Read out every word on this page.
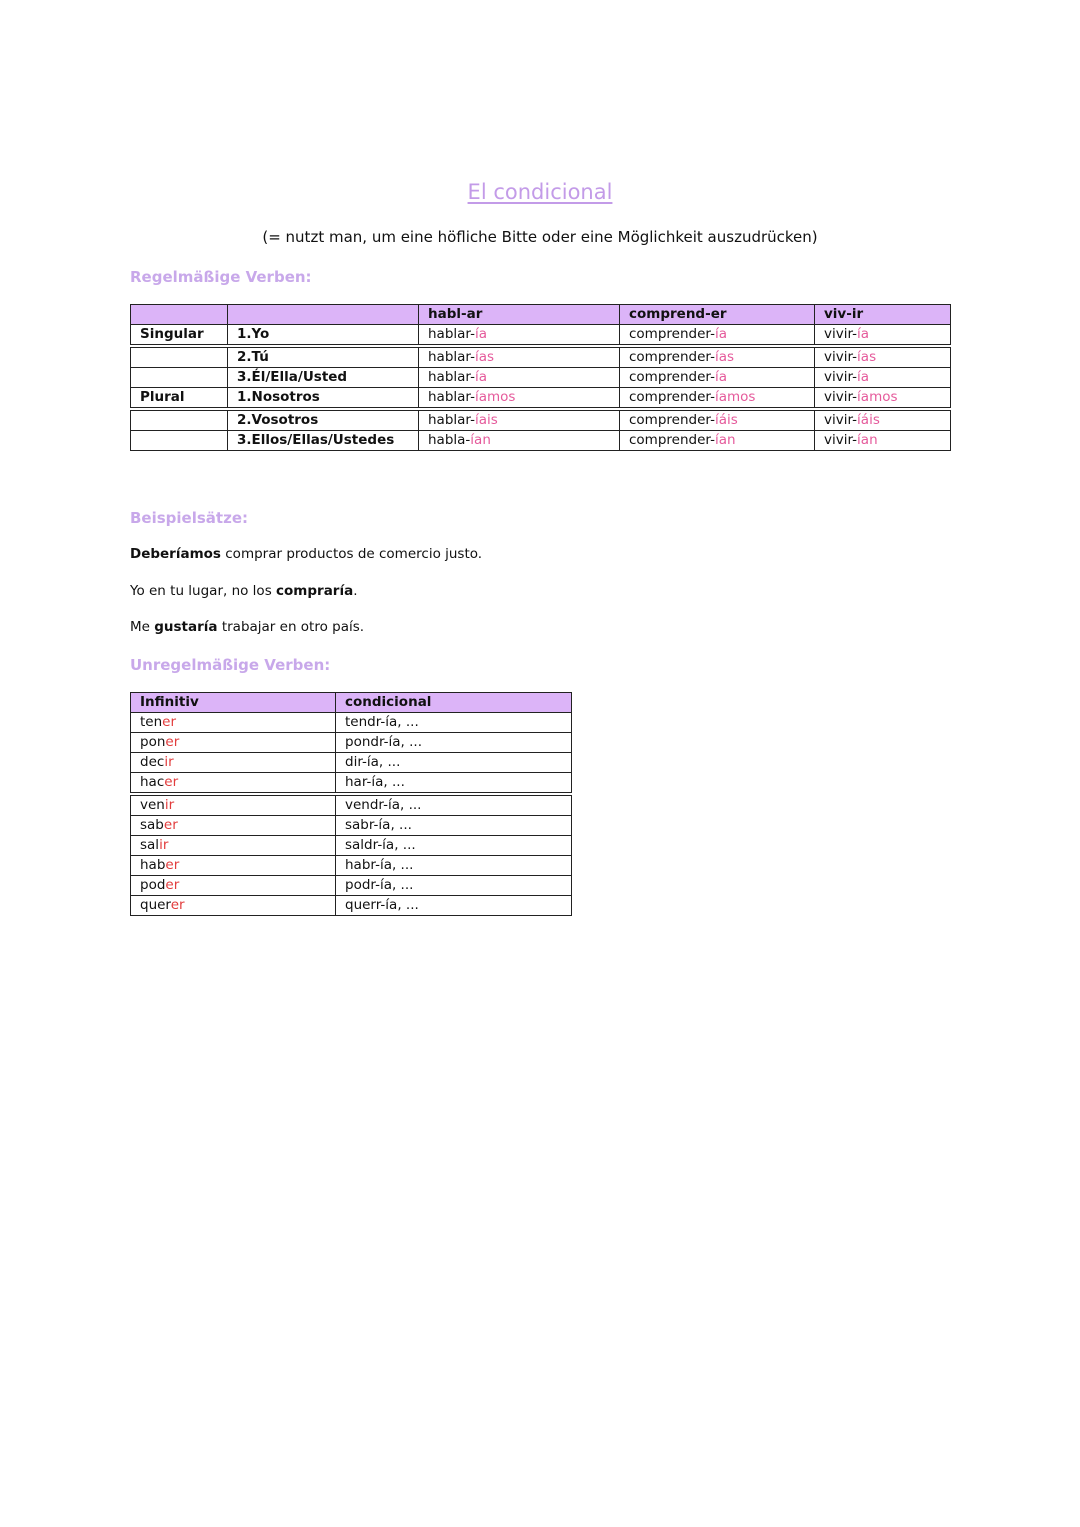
El condicional
(= nutzt man, um eine höfliche Bitte oder eine Möglichkeit auszudrücken)
Regelmäßige Verben:
		habl-ar	comprend-er	viv-ir
Singular	1.Yo	hablar-ía	comprender-ía	vivir-ía
	2.Tú	hablar-ías	comprender-ías	vivir-ías
	3.Él/Ella/Usted	hablar-ía	comprender-ía	vivir-ía
Plural	1.Nosotros	hablar-íamos	comprender-íamos	vivir-íamos
	2.Vosotros	hablar-íais	comprender-íáis	vivir-íáis
	3.Ellos/Ellas/Ustedes	habla-ían	comprender-ían	vivir-ían
Beispielsätze:
Deberíamos comprar productos de comercio justo.
Yo en tu lugar, no los compraría.
Me gustaría trabajar en otro país.
Unregelmäßige Verben:
Infinitiv	condicional
tener	tendr-ía, ...
poner	pondr-ía, ...
decir	dir-ía, ...
hacer	har-ía, ...
venir	vendr-ía, ...
saber	sabr-ía, ...
salir	saldr-ía, ...
haber	habr-ía, ...
poder	podr-ía, ...
querer	querr-ía, ...
